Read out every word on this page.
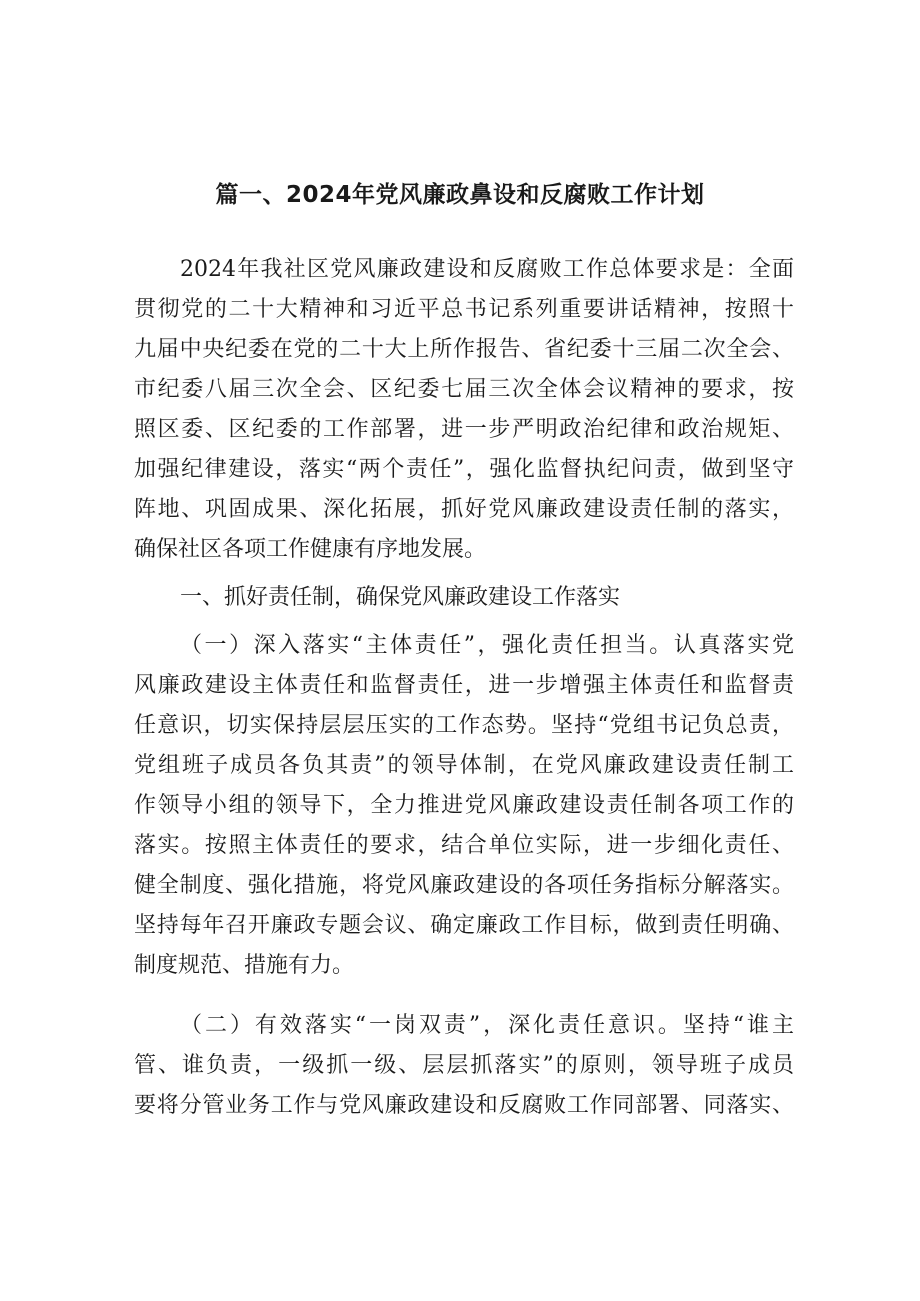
篇一、2024年党风廉政鼻设和反腐败工作计划
2024年我社区党风廉政建设和反腐败工作总体要求是：全面
贯彻党的二十大精神和习近平总书记系列重要讲话精神，按照十
九届中央纪委在党的二十大上所作报告、省纪委十三届二次全会、
市纪委八届三次全会、区纪委七届三次全体会议精神的要求，按
照区委、区纪委的工作部署，进一步严明政治纪律和政治规矩、
加强纪律建设，落实“两个责任”，强化监督执纪问责，做到坚守
阵地、巩固成果、深化拓展，抓好党风廉政建设责任制的落实，
确保社区各项工作健康有序地发展。
一、抓好责任制，确保党风廉政建设工作落实
（一）深入落实“主体责任”，强化责任担当。认真落实党
风廉政建设主体责任和监督责任，进一步增强主体责任和监督责
任意识，切实保持层层压实的工作态势。坚持“党组书记负总责，
党组班子成员各负其责”的领导体制，在党风廉政建设责任制工
作领导小组的领导下，全力推进党风廉政建设责任制各项工作的
落实。按照主体责任的要求，结合单位实际，进一步细化责任、
健全制度、强化措施，将党风廉政建设的各项任务指标分解落实。
坚持每年召开廉政专题会议、确定廉政工作目标，做到责任明确、
制度规范、措施有力。
（二）有效落实“一岗双责”，深化责任意识。坚持“谁主
管、谁负责，一级抓一级、层层抓落实”的原则，领导班子成员
要将分管业务工作与党风廉政建设和反腐败工作同部署、同落实、
